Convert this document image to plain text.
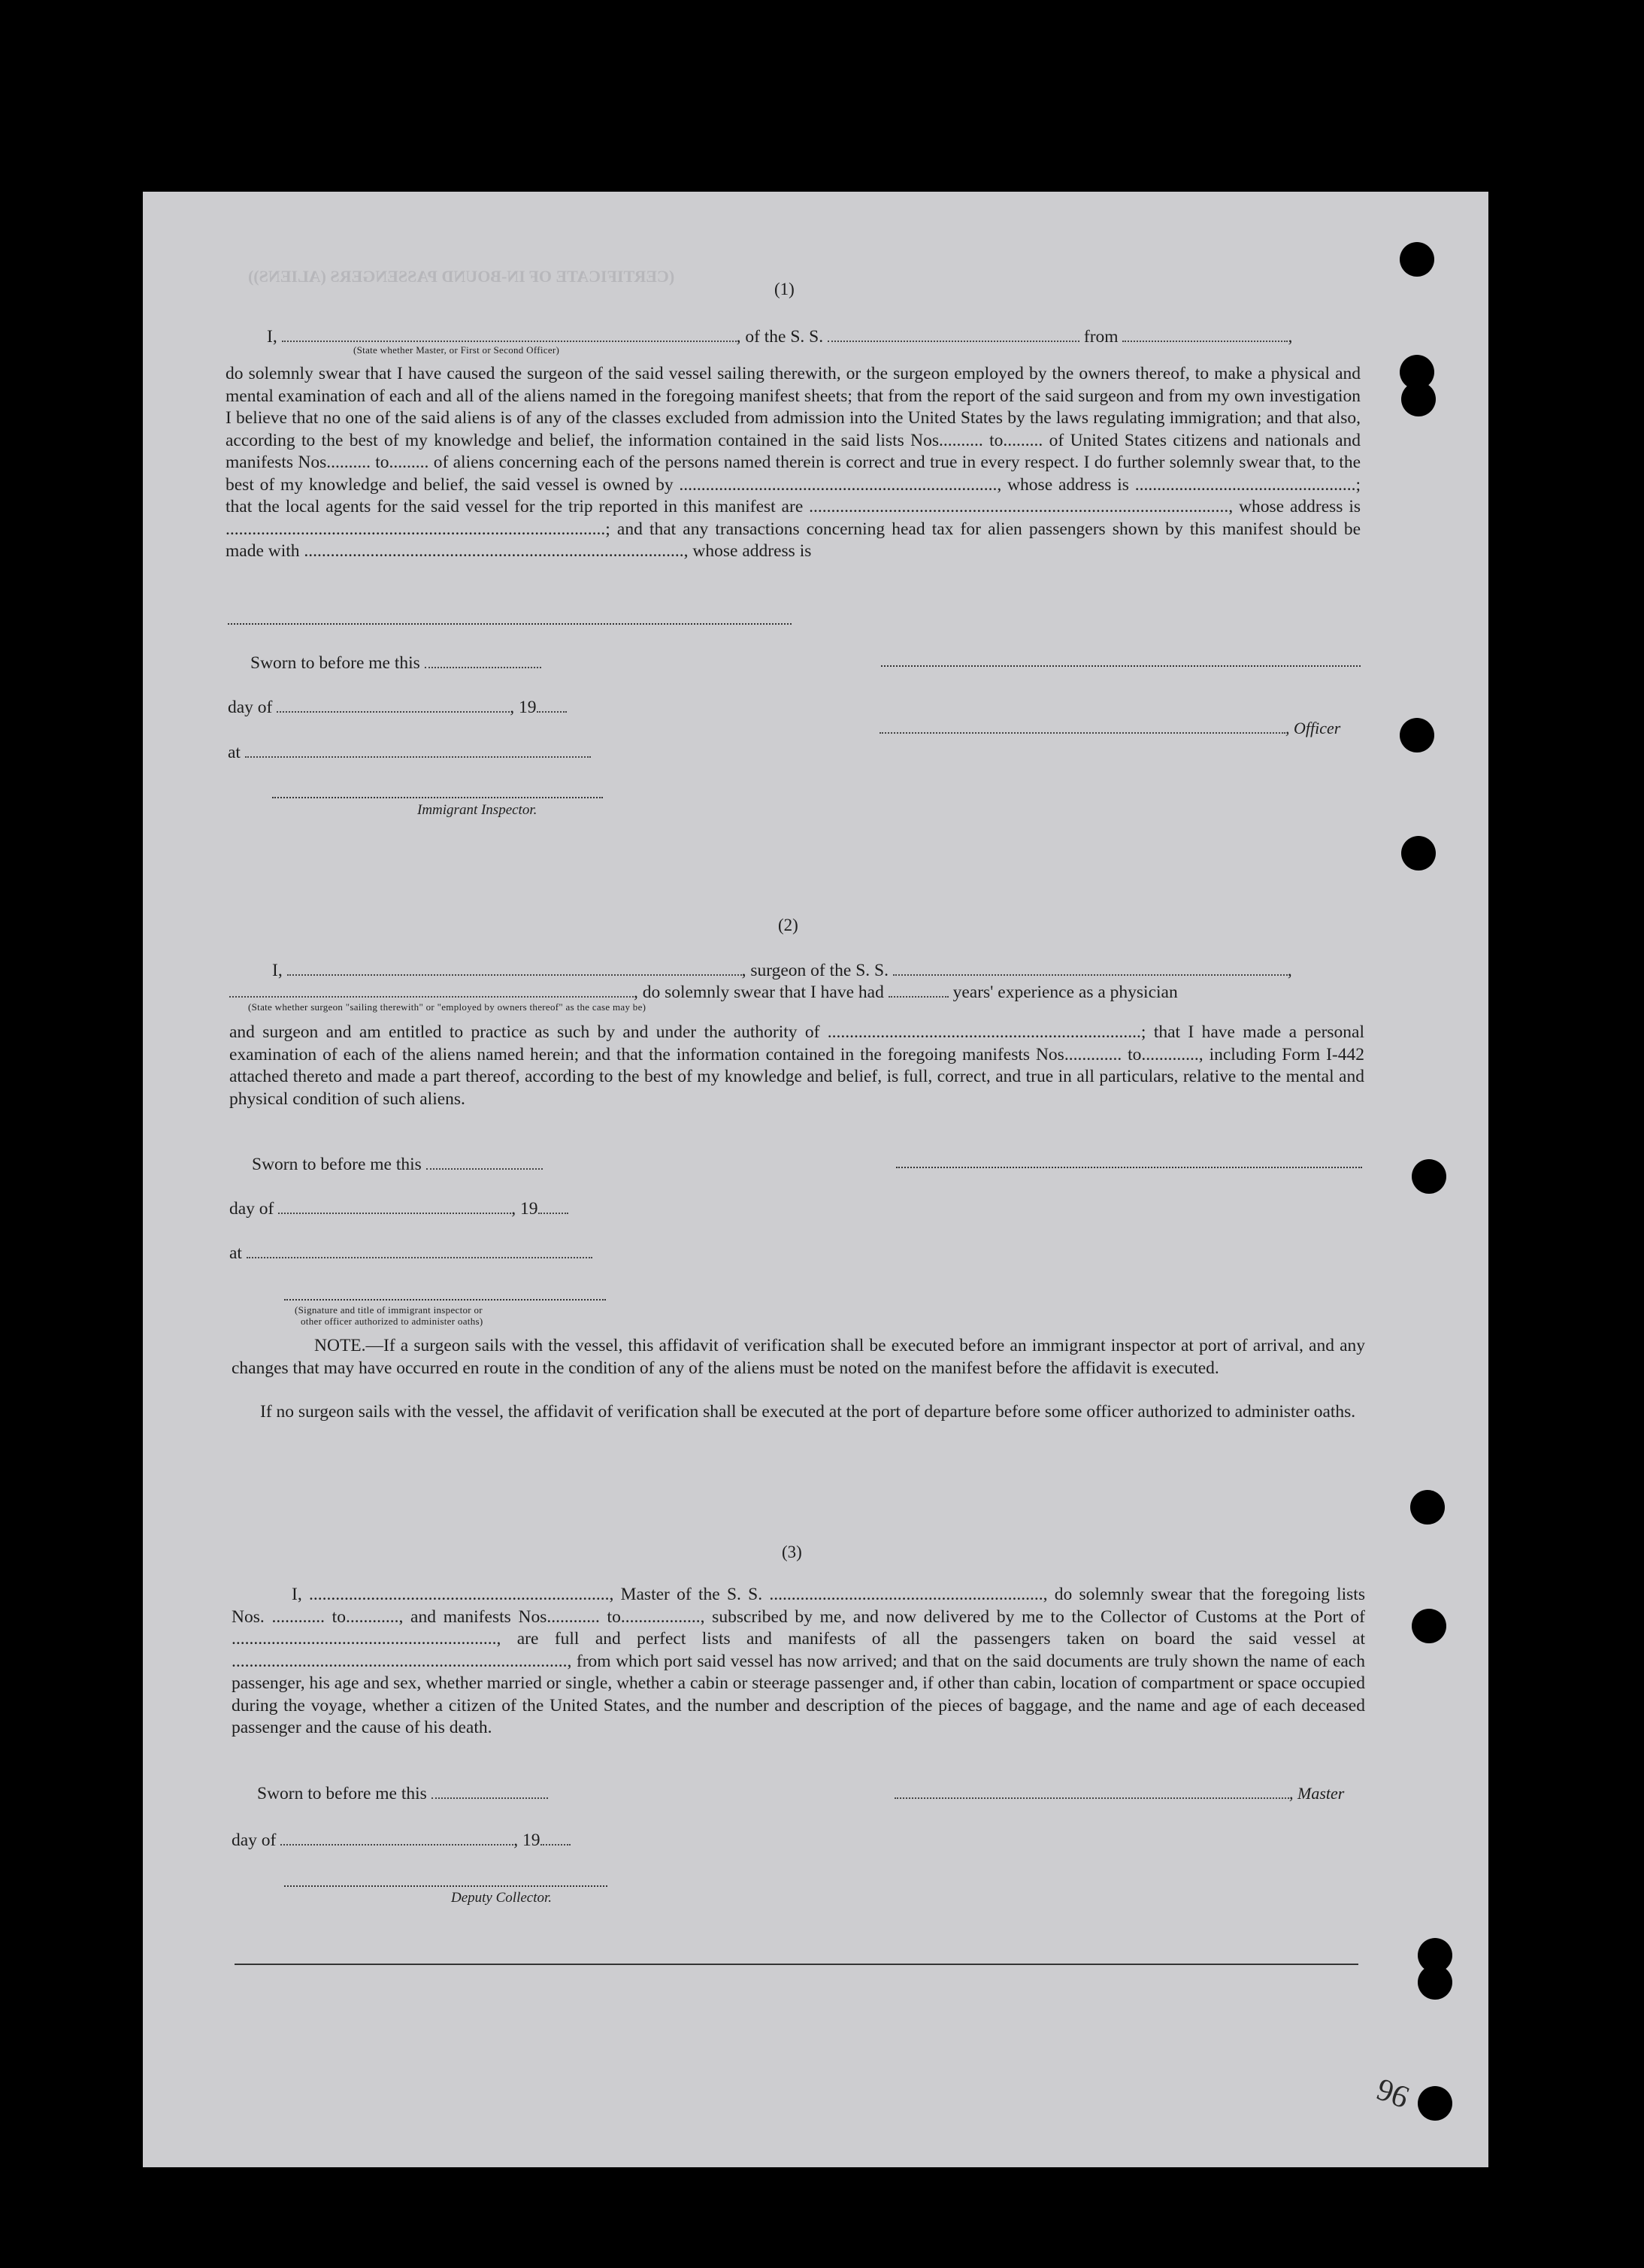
(CERTIFICATE OF IN-BOUND PASSENGERS (ALIENS))
(1)
I,	, of the S. S.	from	,
(State whether Master, or First or Second Officer)
do solemnly swear that I have caused the surgeon of the said vessel sailing therewith, or the surgeon employed by the owners thereof, to make a physical and mental examination of each and all of the aliens named in the foregoing manifest sheets; that from the report of the said surgeon and from my own investigation I believe that no one of the said aliens is of any of the classes excluded from admission into the United States by the laws regulating immigration; and that also, according to the best of my knowledge and belief, the information contained in the said lists Nos.......... to......... of United States citizens and nationals and manifests Nos.......... to......... of aliens concerning each of the persons named therein is correct and true in every respect. I do further solemnly swear that, to the best of my knowledge and belief, the said vessel is owned by ........................................................................, whose address is ..................................................; that the local agents for the said vessel for the trip reported in this manifest are ..............................................................................................., whose address is ......................................................................................; and that any transactions concerning head tax for alien passengers shown by this manifest should be made with ......................................................................................, whose address is
Sworn to before me this
day of	, 19
, Officer
at
Immigrant Inspector.
(2)
I,	, surgeon of the S. S.	,
, do solemnly swear that I have had	years' experience as a physician
(State whether surgeon "sailing therewith" or "employed by owners thereof" as the case may be)
and surgeon and am entitled to practice as such by and under the authority of .......................................................................; that I have made a personal examination of each of the aliens named herein; and that the information contained in the foregoing manifests Nos............. to............., including Form I-442 attached thereto and made a part thereof, according to the best of my knowledge and belief, is full, correct, and true in all particulars, relative to the mental and physical condition of such aliens.
Sworn to before me this
day of	, 19
at
(Signature and title of immigrant inspector or
other officer authorized to administer oaths)
NOTE.—If a surgeon sails with the vessel, this affidavit of verification shall be executed before an immigrant inspector at port of arrival, and any changes that may have occurred en route in the condition of any of the aliens must be noted on the manifest before the affidavit is executed.
If no surgeon sails with the vessel, the affidavit of verification shall be executed at the port of departure before some officer authorized to administer oaths.
(3)
I, ...................................................................., Master of the S. S. .............................................................., do solemnly swear that the foregoing lists Nos. ............ to............, and manifests Nos............ to.................., subscribed by me, and now delivered by me to the Collector of Customs at the Port of ............................................................, are full and perfect lists and manifests of all the passengers taken on board the said vessel at ............................................................................, from which port said vessel has now arrived; and that on the said documents are truly shown the name of each passenger, his age and sex, whether married or single, whether a cabin or steerage passenger and, if other than cabin, location of compartment or space occupied during the voyage, whether a citizen of the United States, and the number and description of the pieces of baggage, and the name and age of each deceased passenger and the cause of his death.
Sworn to before me this	, Master
day of	, 19
Deputy Collector.
96
